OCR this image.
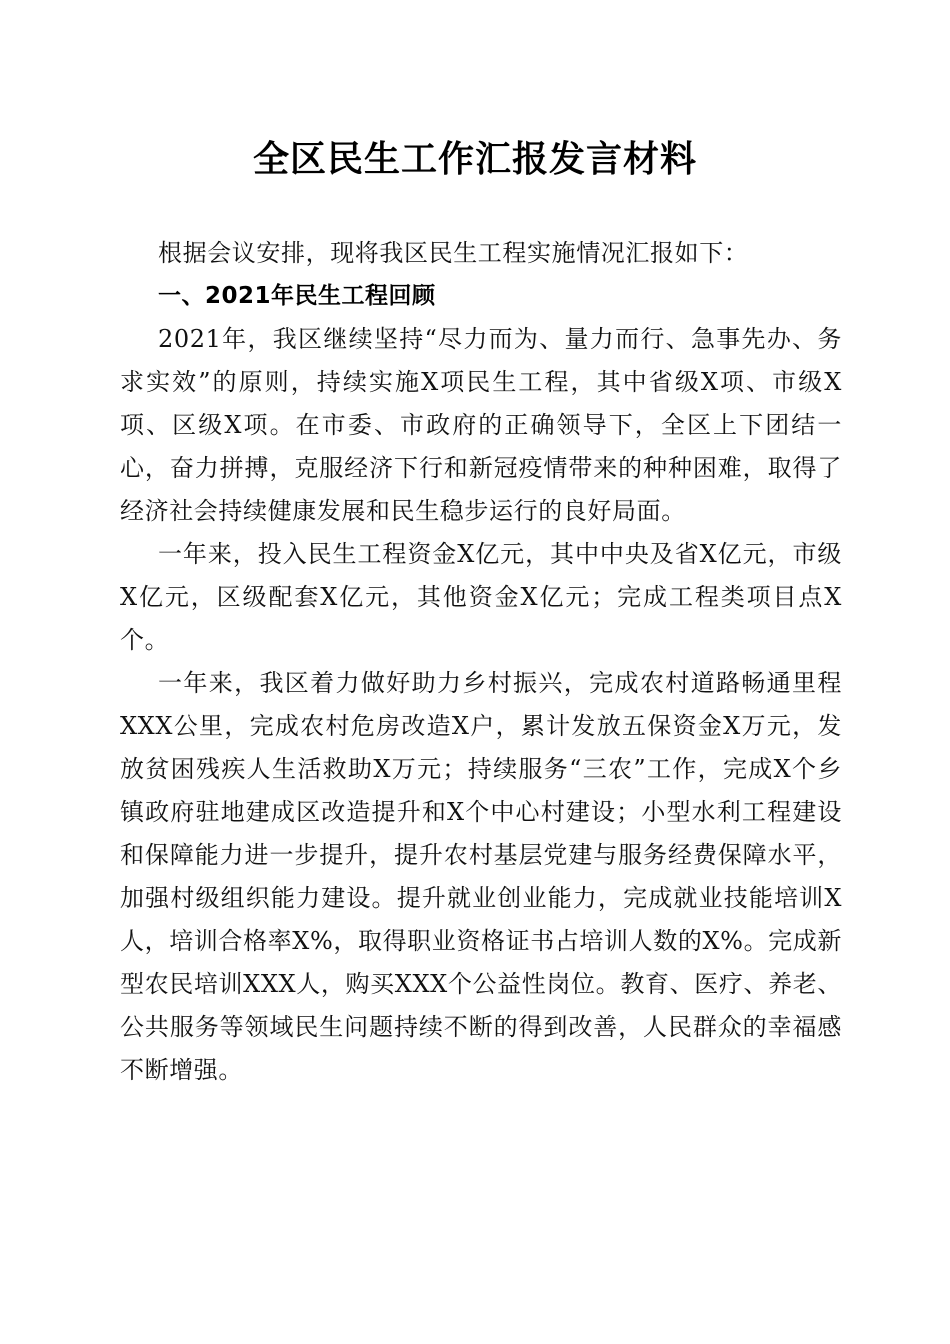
全区民生工作汇报发言材料

根据会议安排，现将我区民生工程实施情况汇报如下：

一、2021年民生工程回顾

2021年，我区继续坚持“尽力而为、量力而行、急事先办、务求实效”的原则，持续实施X项民生工程，其中省级X项、市级X项、区级X项。在市委、市政府的正确领导下，全区上下团结一心，奋力拼搏，克服经济下行和新冠疫情带来的种种困难，取得了经济社会持续健康发展和民生稳步运行的良好局面。

一年来，投入民生工程资金X亿元，其中中央及省X亿元，市级X亿元，区级配套X亿元，其他资金X亿元；完成工程类项目点X个。

一年来，我区着力做好助力乡村振兴，完成农村道路畅通里程XXX公里，完成农村危房改造X户，累计发放五保资金X万元，发放贫困残疾人生活救助X万元；持续服务“三农”工作，完成X个乡镇政府驻地建成区改造提升和X个中心村建设；小型水利工程建设和保障能力进一步提升，提升农村基层党建与服务经费保障水平，加强村级组织能力建设。提升就业创业能力，完成就业技能培训X人，培训合格率X%，取得职业资格证书占培训人数的X%。完成新型农民培训XXX人，购买XXX个公益性岗位。教育、医疗、养老、公共服务等领域民生问题持续不断的得到改善，人民群众的幸福感不断增强。
